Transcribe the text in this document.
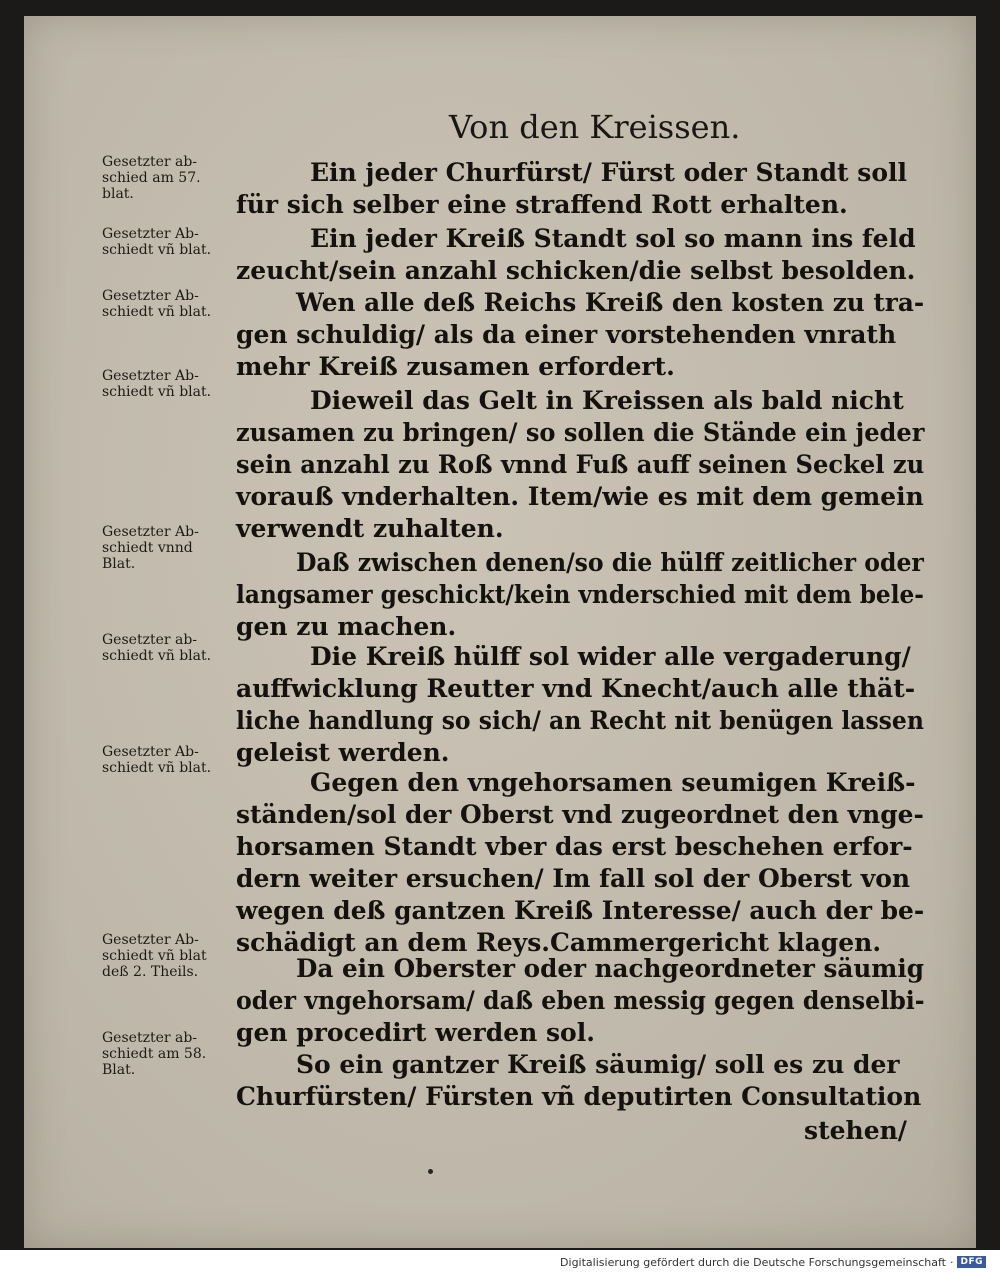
Von den Kreissen.
Gesetzter ab-
schied am 57.
blat.
Gesetzter Ab-
schiedt vñ blat.
Gesetzter Ab-
schiedt vñ blat.
Gesetzter Ab-
schiedt vñ blat.
Gesetzter Ab-
schiedt vnnd
Blat.
Gesetzter ab-
schiedt vñ blat.
Gesetzter Ab-
schiedt vñ blat.
Gesetzter Ab-
schiedt vñ blat
deß 2. Theils.
Gesetzter ab-
schiedt am 58.
Blat.

Ein jeder Churfürst/ Fürst oder Standt soll

für sich selber eine straffend Rott erhalten.

Ein jeder Kreiß Standt sol so mann ins feld

zeucht/sein anzahl schicken/die selbst besolden.

Wen alle deß Reichs Kreiß den kosten zu tra-

gen schuldig/ als da einer vorstehenden vnrath

mehr Kreiß zusamen erfordert.

Dieweil das Gelt in Kreissen als bald nicht

zusamen zu bringen/ so sollen die Stände ein jeder

sein anzahl zu Roß vnnd Fuß auff seinen Seckel zu

vorauß vnderhalten. Item/wie es mit dem gemein

verwendt zuhalten.

Daß zwischen denen/so die hülff zeitlicher oder

langsamer geschickt/kein vnderschied mit dem bele-

gen zu machen.

Die Kreiß hülff sol wider alle vergaderung/

auffwicklung Reutter vnd Knecht/auch alle thät-

liche handlung so sich/ an Recht nit benügen lassen

geleist werden.

Gegen den vngehorsamen seumigen Kreiß-

ständen/sol der Oberst vnd zugeordnet den vnge-

horsamen Standt vber das erst beschehen erfor-

dern weiter ersuchen/ Im fall sol der Oberst von

wegen deß gantzen Kreiß Interesse/ auch der be-

schädigt an dem Reys.Cammergericht klagen.

Da ein Oberster oder nachgeordneter säumig

oder vngehorsam/ daß eben messig gegen denselbi-

gen procedirt werden sol.

So ein gantzer Kreiß säumig/ soll es zu der

Churfürsten/ Fürsten vñ deputirten Consultation

stehen/

Digitalisierung gefördert durch die Deutsche Forschungsgemeinschaft · DFG
